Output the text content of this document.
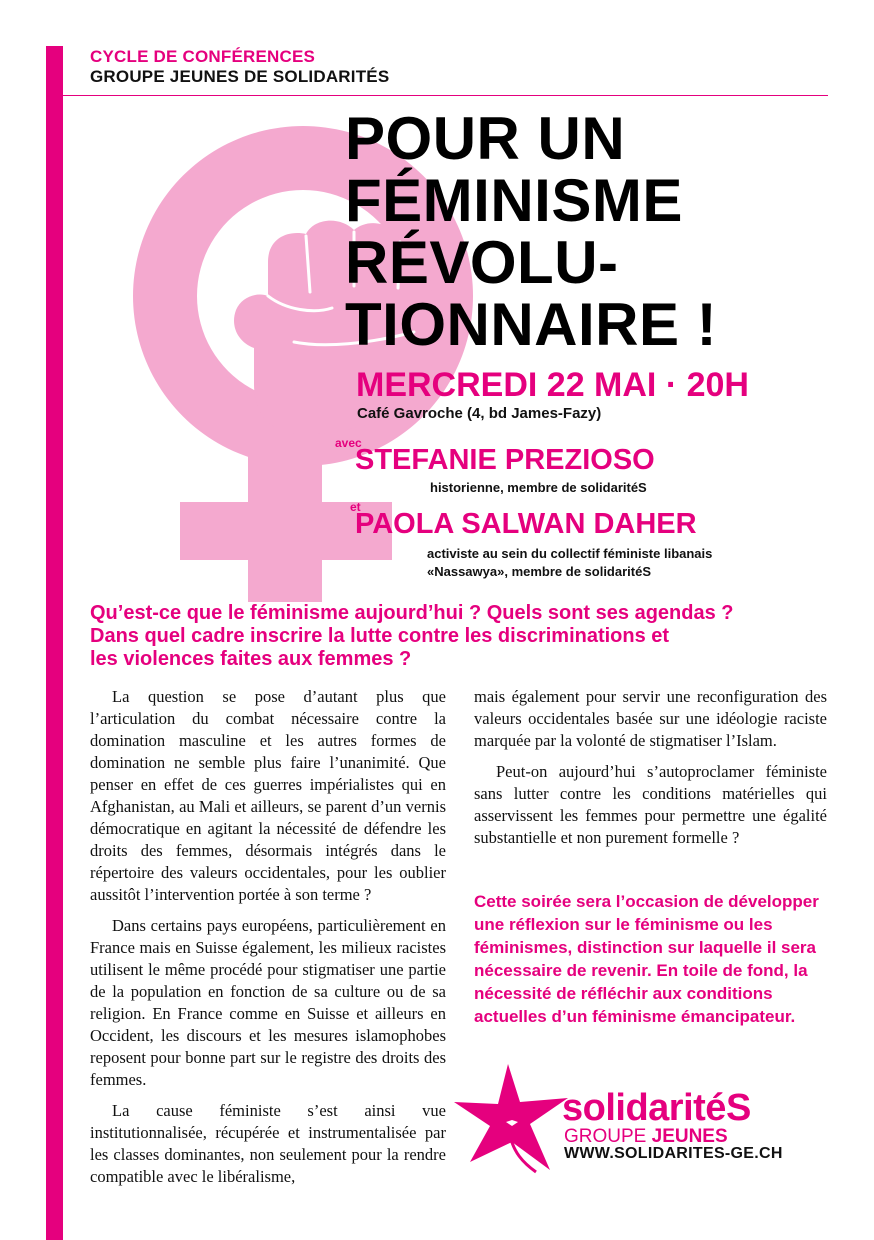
CYCLE DE CONFÉRENCES
GROUPE JEUNES DE SOLIDARITÉS
POUR UN
FÉMINISME
RÉVOLU-
TIONNAIRE !
MERCREDI 22 MAI · 20H
Café Gavroche (4, bd James-Fazy)
avec
STEFANIE PREZIOSO
historienne, membre de solidaritéS
et
PAOLA SALWAN DAHER
activiste au sein du collectif féministe libanais
«Nassawya», membre de solidaritéS
Qu’est-ce que le féminisme aujourd’hui ? Quels sont ses agendas ?
Dans quel cadre inscrire la lutte contre les discriminations et
les violences faites aux femmes ?

La question se pose d’autant plus que l’articulation du combat nécessaire contre la domination masculine et les autres formes de domination ne semble plus faire l’unanimité. Que penser en effet de ces guerres impérialistes qui en Afghanistan, au Mali et ailleurs, se parent d’un vernis démocratique en agitant la nécessité de défendre les droits des femmes, désormais intégrés dans le répertoire des valeurs occidentales, pour les oublier aussitôt l’intervention portée à son terme ?

Dans certains pays européens, particulièrement en France mais en Suisse également, les milieux racistes utilisent le même procédé pour stigmatiser une partie de la population en fonction de sa culture ou de sa religion. En France comme en Suisse et ailleurs en Occident, les discours et les mesures islamophobes reposent pour bonne part sur le registre des droits des femmes.

La cause féministe s’est ainsi vue institutionnalisée, récupérée et instrumentalisée par les classes dominantes, non seulement pour la rendre compatible avec le libéralisme,

mais également pour servir une reconfiguration des valeurs occidentales basée sur une idéologie raciste marquée par la volonté de stigmatiser l’Islam.

Peut-on aujourd’hui s’autoproclamer féministe sans lutter contre les conditions matérielles qui asservissent les femmes pour permettre une égalité substantielle et non purement formelle ?

Cette soirée sera l’occasion de développer une réflexion sur le féminisme ou les féminismes, distinction sur laquelle il sera nécessaire de revenir. En toile de fond, la nécessité de réfléchir aux conditions actuelles d’un féminisme émancipateur.
solidaritéS
GROUPE JEUNES
WWW.SOLIDARITES-GE.CH
